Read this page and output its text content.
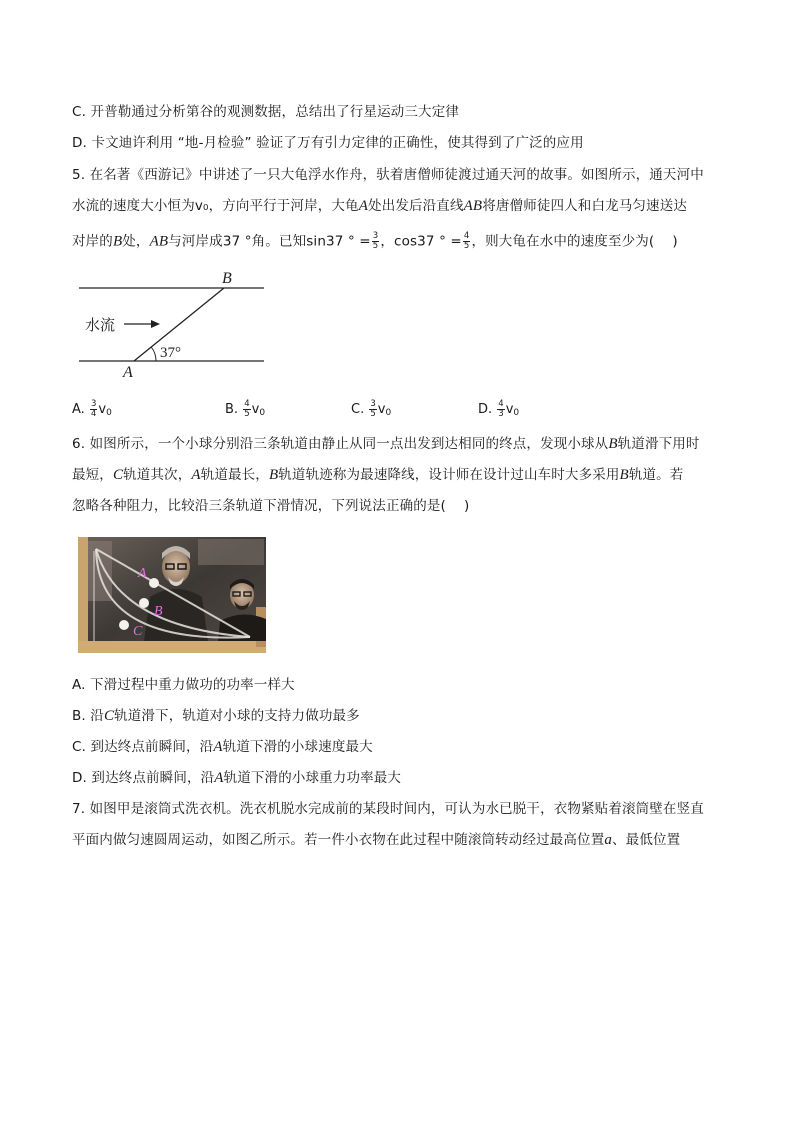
C. 开普勒通过分析第谷的观测数据，总结出了行星运动三大定律
D. 卡文迪许利用 “地-月检验” 验证了万有引力定律的正确性，使其得到了广泛的应用
5. 在名著《西游记》中讲述了一只大龟浮水作舟，驮着唐僧师徒渡过通天河的故事。如图所示，通天河中
水流的速度大小恒为v₀，方向平行于河岸，大龟A处出发后沿直线AB将唐僧师徒四人和白龙马匀速送达
对岸的B处，AB与河岸成37 °角。已知sin37 ° = $\frac{3}{5}$ ，cos37 ° = $\frac{4}{5}$ ，则大龟在水中的速度至少为(　 )
B
A
水流
37°
A. $\frac{3}{4} v_0$	B. $\frac{4}{5} v_0$	C. $\frac{3}{5} v_0$	D. $\frac{4}{3} v_0$
6. 如图所示，一个小球分别沿三条轨道由静止从同一点出发到达相同的终点，发现小球从B轨道滑下用时
最短，C轨道其次，A轨道最长，B轨道轨迹称为最速降线，设计师在设计过山车时大多采用B轨道。若
忽略各种阻力，比较沿三条轨道下滑情况，下列说法正确的是(　 )
A
B
C
A. 下滑过程中重力做功的功率一样大
B. 沿C轨道滑下，轨道对小球的支持力做功最多
C. 到达终点前瞬间，沿A轨道下滑的小球速度最大
D. 到达终点前瞬间，沿A轨道下滑的小球重力功率最大
7. 如图甲是滚筒式洗衣机。洗衣机脱水完成前的某段时间内，可认为水已脱干，衣物紧贴着滚筒壁在竖直
平面内做匀速圆周运动，如图乙所示。若一件小衣物在此过程中随滚筒转动经过最高位置a、最低位置
